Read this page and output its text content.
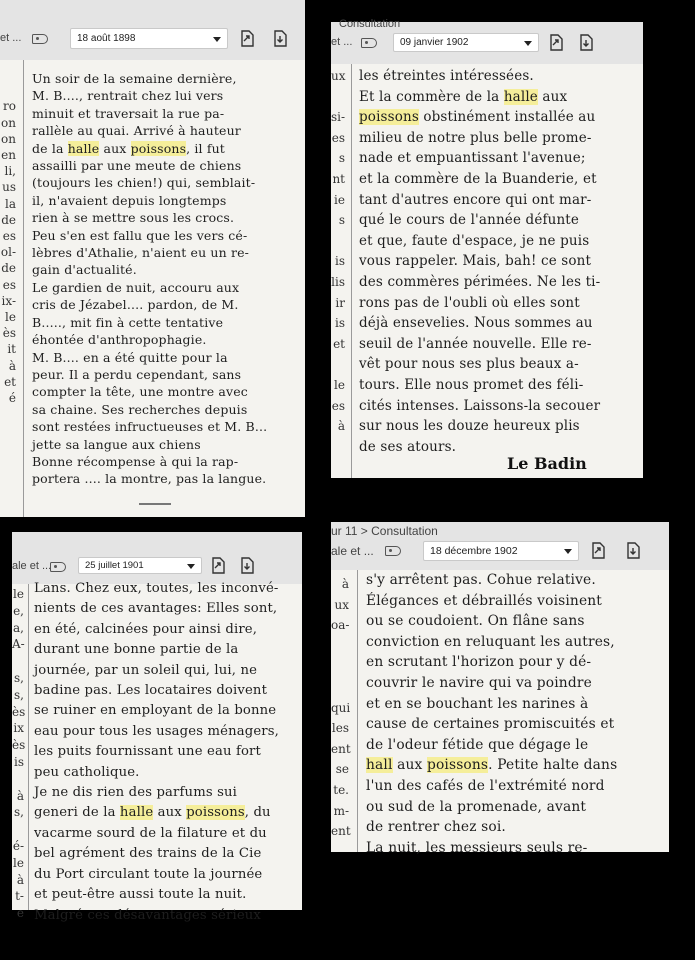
et ...	18 août 1898

ro
on
on
en
li,
us
la
de
es
ol-
de
es
ix-
le
ès
it
à
et
é
Un soir de la semaine dernière,
M. B...., rentrait chez lui vers
minuit et traversait la rue pa-
rallèle au quai. Arrivé à hauteur
de la halle aux poissons, il fut
assailli par une meute de chiens
(toujours les chien!) qui, semblait-
il, n'avaient depuis longtemps
rien à se mettre sous les crocs.
Peu s'en est fallu que les vers cé-
lèbres d'Athalie, n'aient eu un re-
gain d'actualité.
Le gardien de nuit, accouru aux
cris de Jézabel.... pardon, de M.
B....., mit fin à cette tentative
éhontée d'anthropophagie.
M. B.... en a été quitte pour la
peur. Il a perdu cependant, sans
compter la tête, une montre avec
sa chaine. Ses recherches depuis
sont restées infructueuses et M. B...
jette sa langue aux chiens
Bonne récompense à qui la rap-
portera .... la montre, pas la langue.
Consultation
et ...	09 janvier 1902
ux

si-
es
s
nt
ie
s

is
lis
ir
is
et

le
es
à
les étreintes intéressées.
Et la commère de la halle aux
poissons obstinément installée au
milieu de notre plus belle prome-
nade et empuantissant l'avenue;
et la commère de la Buanderie, et
tant d'autres encore qui ont mar-
qué le cours de l'année défunte
et que, faute d'espace, je ne puis
vous rappeler. Mais, bah! ce sont
des commères périmées. Ne les ti-
rons pas de l'oubli où elles sont
déjà ensevelies. Nous sommes au
seuil de l'année nouvelle. Elle re-
vêt pour nous ses plus beaux a-
tours. Elle nous promet des féli-
cités intenses. Laissons-la secouer
sur nous les douze heureux plis
de ses atours.
Le Badin
ale et ...	25 juillet 1901
le
e,
a,
A-

s,
s,
ès
ix
ès
is

à
s,

é-
le
à
t-
e
Lans. Chez eux, toutes, les inconvé-
nients de ces avantages: Elles sont,
en été, calcinées pour ainsi dire,
durant une bonne partie de la
journée, par un soleil qui, lui, ne
badine pas. Les locataires doivent
se ruiner en employant de la bonne
eau pour tous les usages ménagers,
les puits fournissant une eau fort
peu catholique.
Je ne dis rien des parfums sui
generi de la halle aux poissons, du
vacarme sourd de la filature et du
bel agrément des trains de la Cie
du Port circulant toute la journée
et peut-être aussi toute la nuit.
Malgré ces désavantages sérieux
ur 11 > Consultation
ale et ...	18 décembre 1902
à
ux
oa-

qui
les
ent
se
te.
m-
ent
s'y arrêtent pas. Cohue relative.
Élégances et débraillés voisinent
ou se coudoient. On flâne sans
conviction en reluquant les autres,
en scrutant l'horizon pour y dé-
couvrir le navire qui va poindre
et en se bouchant les narines à
cause de certaines promiscuités et
de l'odeur fétide que dégage le
hall aux poissons. Petite halte dans
l'un des cafés de l'extrémité nord
ou sud de la promenade, avant
de rentrer chez soi.
La nuit, les messieurs seuls re-
